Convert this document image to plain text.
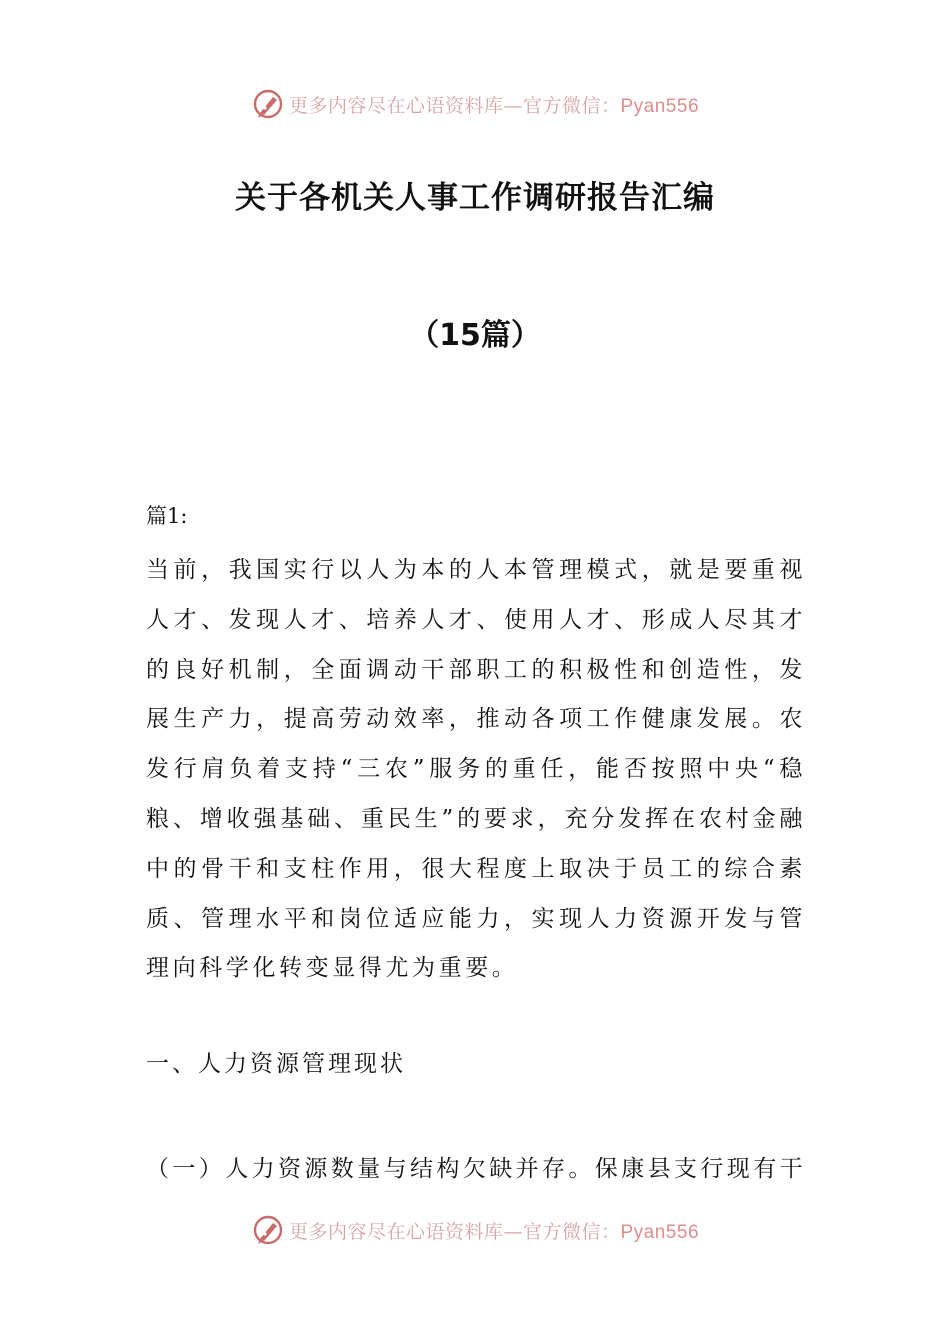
更多内容尽在心语资料库—官方微信：Pyan556
关于各机关人事工作调研报告汇编
（15篇）

篇1:

当前，我国实行以人为本的人本管理模式，就是要重视人才、发现人才、培养人才、使用人才、形成人尽其才的良好机制，全面调动干部职工的积极性和创造性，发展生产力，提高劳动效率，推动各项工作健康发展。农发行肩负着支持“三农”服务的重任，能否按照中央“稳粮、增收强基础、重民生”的要求，充分发挥在农村金融中的骨干和支柱作用，很大程度上取决于员工的综合素质、管理水平和岗位适应能力，实现人力资源开发与管理向科学化转变显得尤为重要。

一、人力资源管理现状

（一）人力资源数量与结构欠缺并存。保康县支行现有干

更多内容尽在心语资料库—官方微信：Pyan556
